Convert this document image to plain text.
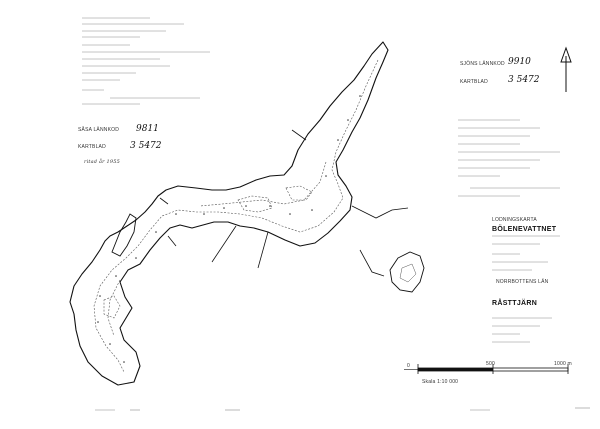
SÅSA LÄNNKOD 9811
KARTBLAD	3 5472
ritad år 1955
SJÖNS LÄNNKOD 9910
KARTBLAD 3 5472
LODNINGSKARTA
BÖLENEVATTNET
NORRBOTTENS LÄN
RÅSTTJÄRN
0	500	1000 m
Skala 1:10 000
